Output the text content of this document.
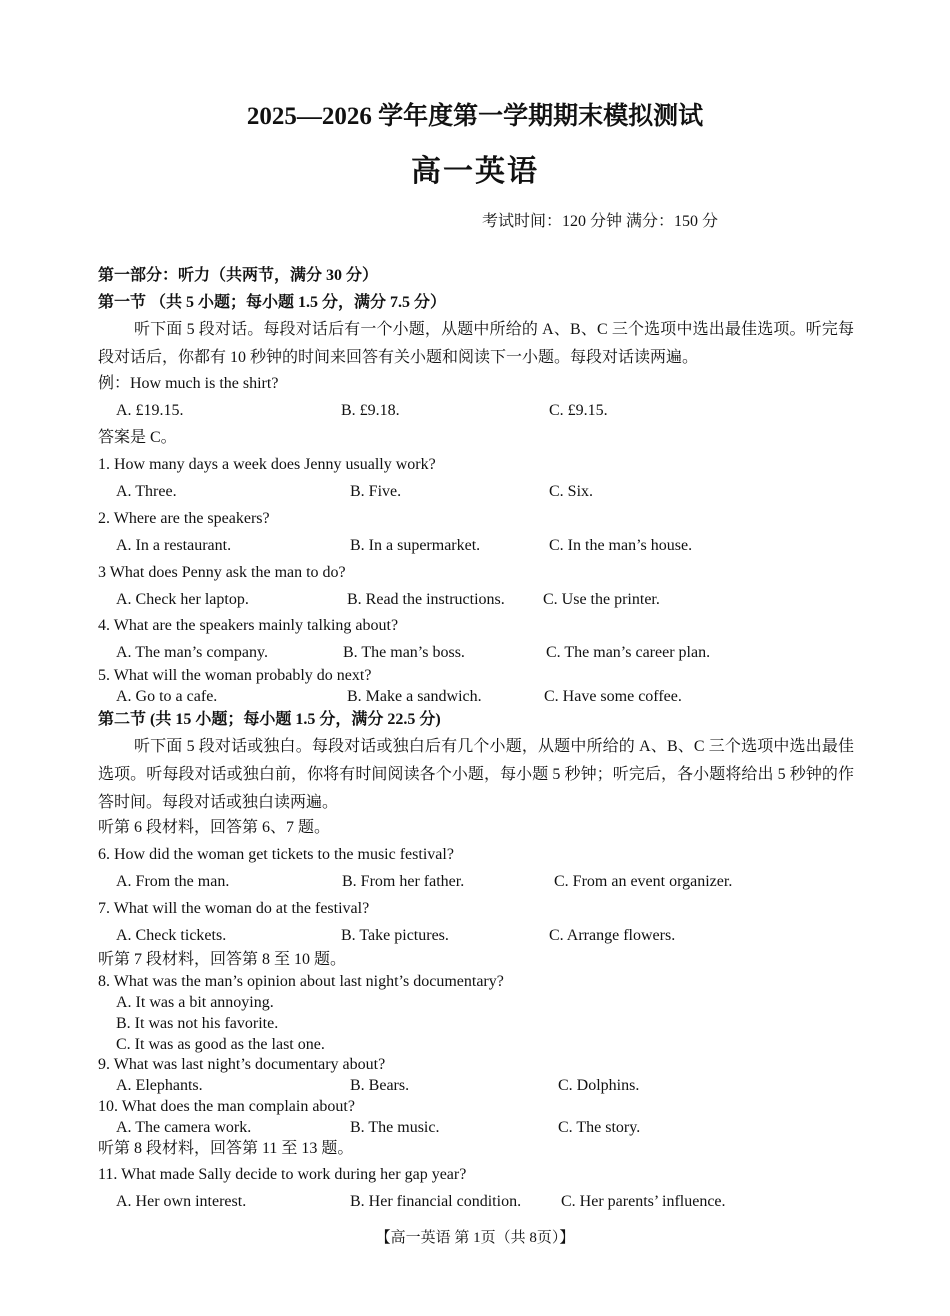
2025—2026 学年度第一学期期末模拟测试
高一英语
考试时间：120 分钟 满分：150 分
第一部分：听力（共两节，满分 30 分）
第一节 （共 5 小题；每小题 1.5 分，满分 7.5 分）
听下面 5 段对话。每段对话后有一个小题，从题中所给的 A、B、C 三个选项中选出最佳选项。听完每段对话后，你都有 10 秒钟的时间来回答有关小题和阅读下一小题。每段对话读两遍。
例：How much is the shirt?
A. £19.15.	B. £9.18.	C. £9.15.
答案是 C。
1. How many days a week does Jenny usually work?
A. Three.	B. Five.	C. Six.
2. Where are the speakers?
A. In a restaurant.	B. In a supermarket.	C. In the man’s house.
3 What does Penny ask the man to do?
A. Check her laptop.	B. Read the instructions. C. Use the printer.
4. What are the speakers mainly talking about?
A. The man’s company.	B. The man’s boss.	C. The man’s career plan.
5. What will the woman probably do next?
A. Go to a cafe.	B. Make a sandwich.	C. Have some coffee.
第二节 (共 15 小题；每小题 1.5 分，满分 22.5 分)
听下面 5 段对话或独白。每段对话或独白后有几个小题，从题中所给的 A、B、C 三个选项中选出最佳选项。听每段对话或独白前，你将有时间阅读各个小题，每小题 5 秒钟；听完后，各小题将给出 5 秒钟的作答时间。每段对话或独白读两遍。
听第 6 段材料，回答第 6、7 题。
6. How did the woman get tickets to the music festival?
A. From the man.	B. From her father.	C. From an event organizer.
7. What will the woman do at the festival?
A. Check tickets.	B. Take pictures.	C. Arrange flowers.
听第 7 段材料，回答第 8 至 10 题。
8. What was the man’s opinion about last night’s documentary?
A. It was a bit annoying.
B. It was not his favorite.
C. It was as good as the last one.
9. What was last night’s documentary about?
A. Elephants.	B. Bears.	C. Dolphins.
10. What does the man complain about?
A. The camera work.	B. The music.	C. The story.
听第 8 段材料，回答第 11 至 13 题。
11. What made Sally decide to work during her gap year?
A. Her own interest.	B. Her financial condition. C. Her parents’ influence.
【高一英语 第 1页（共 8页）】
